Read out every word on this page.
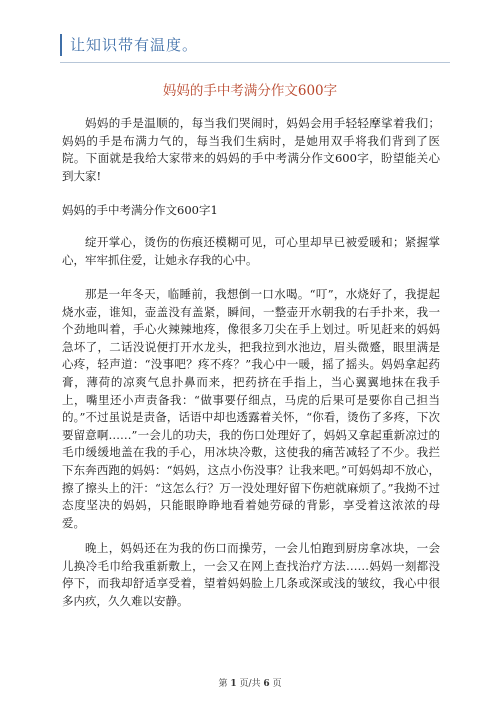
让知识带有温度。
妈妈的手中考满分作文600字

妈妈的手是温顺的，每当我们哭闹时，妈妈会用手轻轻摩挲着我们；妈妈的手是布满力气的，每当我们生病时，是她用双手将我们背到了医院。下面就是我给大家带来的妈妈的手中考满分作文600字，盼望能关心到大家!

妈妈的手中考满分作文600字1

绽开掌心，烫伤的伤痕还模糊可见，可心里却早已被爱暖和；紧握掌心，牢牢抓住爱，让她永存我的心中。

那是一年冬天，临睡前，我想倒一口水喝。“叮”，水烧好了，我提起烧水壶，谁知，壶盖没有盖紧，瞬间，一整壶开水朝我的右手扑来，我一个劲地叫着，手心火辣辣地疼，像很多刀尖在手上划过。听见赶来的妈妈急坏了，二话没说便打开水龙头，把我拉到水池边，眉头微蹙，眼里满是心疼，轻声道：“没事吧？疼不疼？”我心中一暖，摇了摇头。妈妈拿起药膏，薄荷的凉爽气息扑鼻而来，把药挤在手指上，当心翼翼地抹在我手上，嘴里还小声责备我：“做事要仔细点，马虎的后果可是要你自己担当的。”不过虽说是责备，话语中却也透露着关怀，“你看，烫伤了多疼，下次要留意啊……”一会儿的功夫，我的伤口处理好了，妈妈又拿起重新凉过的毛巾缓缓地盖在我的手心，用冰块冷敷，这使我的痛苦减轻了不少。我拦下东奔西跑的妈妈：“妈妈，这点小伤没事？让我来吧。”可妈妈却不放心，擦了擦头上的汗：“这怎么行？万一没处理好留下伤疤就麻烦了。”我拗不过态度坚决的妈妈，只能眼睁睁地看着她劳碌的背影，享受着这浓浓的母爱。

晚上，妈妈还在为我的伤口而操劳，一会儿怕跑到厨房拿冰块，一会儿换冷毛巾给我重新敷上，一会又在网上查找治疗方法……妈妈一刻都没停下，而我却舒适享受着，望着妈妈脸上几条或深或浅的皱纹，我心中很多内疚，久久难以安静。

第 1 页/共 6 页
